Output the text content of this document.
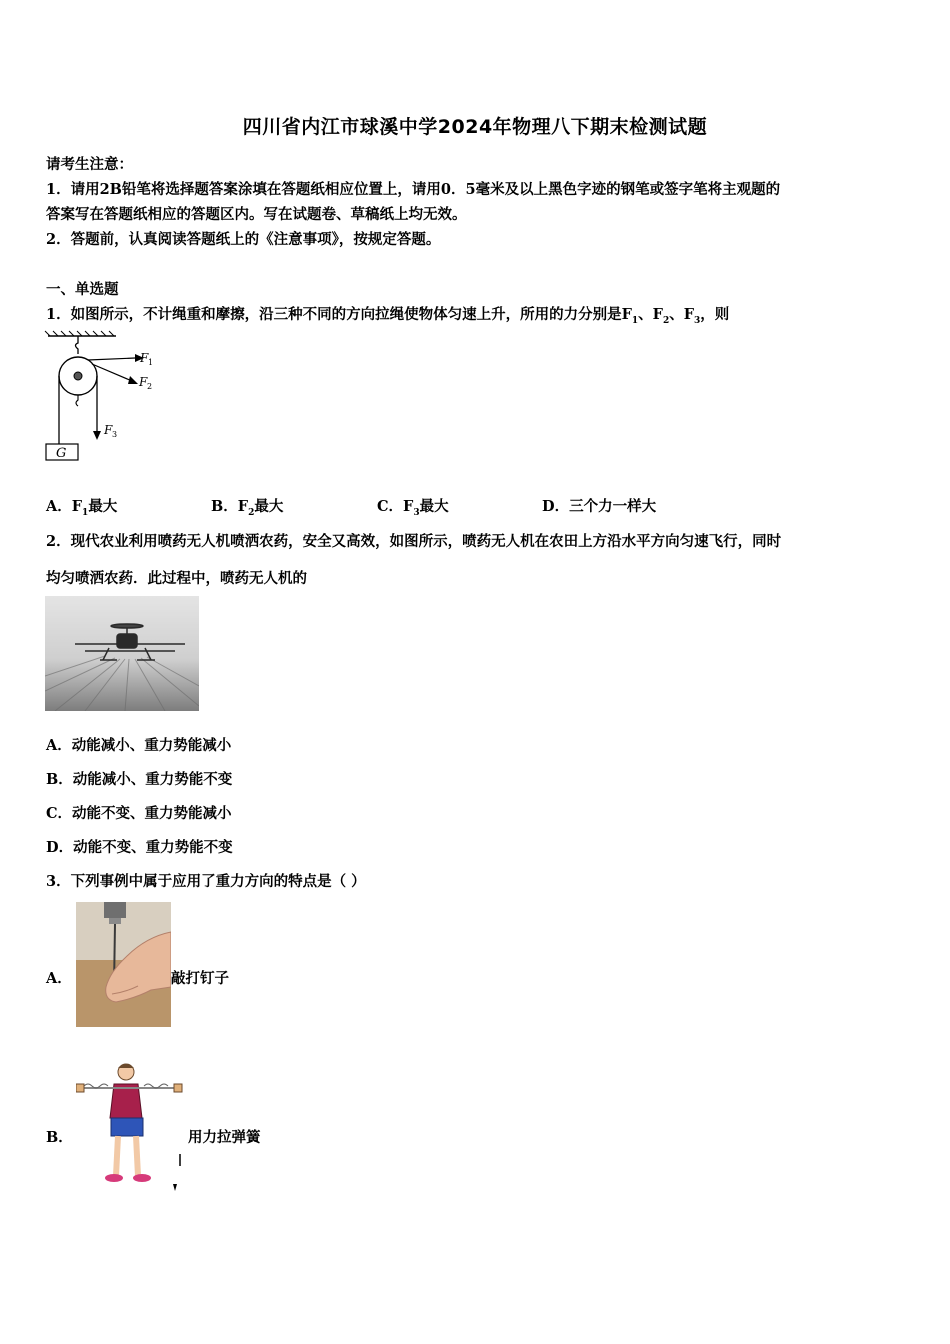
四川省内江市球溪中学2024年物理八下期末检测试题
请考生注意：
1．请用2B铅笔将选择题答案涂填在答题纸相应位置上，请用0．5毫米及以上黑色字迹的钢笔或签字笔将主观题的
答案写在答题纸相应的答题区内。写在试题卷、草稿纸上均无效。
2．答题前，认真阅读答题纸上的《注意事项》，按规定答题。
一、单选题
1．如图所示，不计绳重和摩擦，沿三种不同的方向拉绳使物体匀速上升，所用的力分别是$F_1$、$F_2$、$F_3$，则
G
F 1
F 2
F 3
A．$F_1$最大	B．$F_2$最大	C．$F_3$最大	D．三个力一样大
2．现代农业利用喷药无人机喷洒农药，安全又高效，如图所示，喷药无人机在农田上方沿水平方向匀速飞行，同时
均匀喷洒农药．此过程中，喷药无人机的
A．动能减小、重力势能减小
B．动能减小、重力势能不变
C．动能不变、重力势能减小
D．动能不变、重力势能不变
3．下列事例中属于应用了重力方向的特点是（ ）
A．	敲打钉子
B．	用力拉弹簧
